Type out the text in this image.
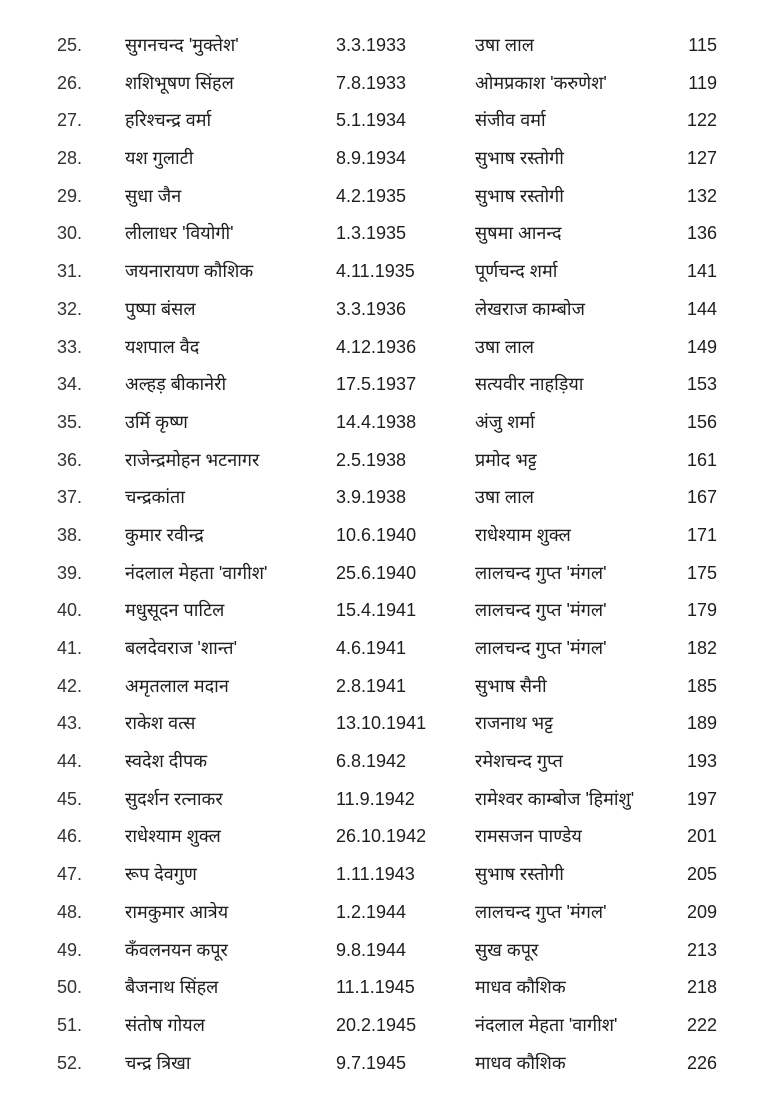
25. सुगनचन्द 'मुक्तेश'	3.3.1933	उषा लाल	115
26. शशिभूषण सिंहल	7.8.1933	ओमप्रकाश 'करुणेश'	119
27. हरिश्चन्द्र वर्मा	5.1.1934	संजीव वर्मा	122
28. यश गुलाटी	8.9.1934	सुभाष रस्तोगी	127
29. सुधा जैन	4.2.1935	सुभाष रस्तोगी	132
30. लीलाधर 'वियोगी'	1.3.1935	सुषमा आनन्द	136
31. जयनारायण कौशिक	4.11.1935	पूर्णचन्द शर्मा	141
32. पुष्पा बंसल	3.3.1936	लेखराज काम्बोज	144
33. यशपाल वैद	4.12.1936	उषा लाल	149
34. अल्हड़ बीकानेरी	17.5.1937	सत्यवीर नाहड़िया	153
35. उर्मि कृष्ण	14.4.1938	अंजु शर्मा	156
36. राजेन्द्रमोहन भटनागर	2.5.1938	प्रमोद भट्ट	161
37. चन्द्रकांता	3.9.1938	उषा लाल	167
38. कुमार रवीन्द्र	10.6.1940	राधेश्याम शुक्ल	171
39. नंदलाल मेहता 'वागीश'	25.6.1940	लालचन्द गुप्त 'मंगल'	175
40. मधुसूदन पाटिल	15.4.1941	लालचन्द गुप्त 'मंगल'	179
41. बलदेवराज 'शान्त'	4.6.1941	लालचन्द गुप्त 'मंगल'	182
42. अमृतलाल मदान	2.8.1941	सुभाष सैनी	185
43. राकेश वत्स	13.10.1941	राजनाथ भट्ट	189
44. स्वदेश दीपक	6.8.1942	रमेशचन्द गुप्त	193
45. सुदर्शन रत्नाकर	11.9.1942	रामेश्वर काम्बोज 'हिमांशु'	197
46. राधेश्याम शुक्ल	26.10.1942	रामसजन पाण्डेय	201
47. रूप देवगुण	1.11.1943	सुभाष रस्तोगी	205
48. रामकुमार आत्रेय	1.2.1944	लालचन्द गुप्त 'मंगल'	209
49. कँवलनयन कपूर	9.8.1944	सुख कपूर	213
50. बैजनाथ सिंहल	11.1.1945	माधव कौशिक	218
51. संतोष गोयल	20.2.1945	नंदलाल मेहता 'वागीश'	222
52. चन्द्र त्रिखा	9.7.1945	माधव कौशिक	226
